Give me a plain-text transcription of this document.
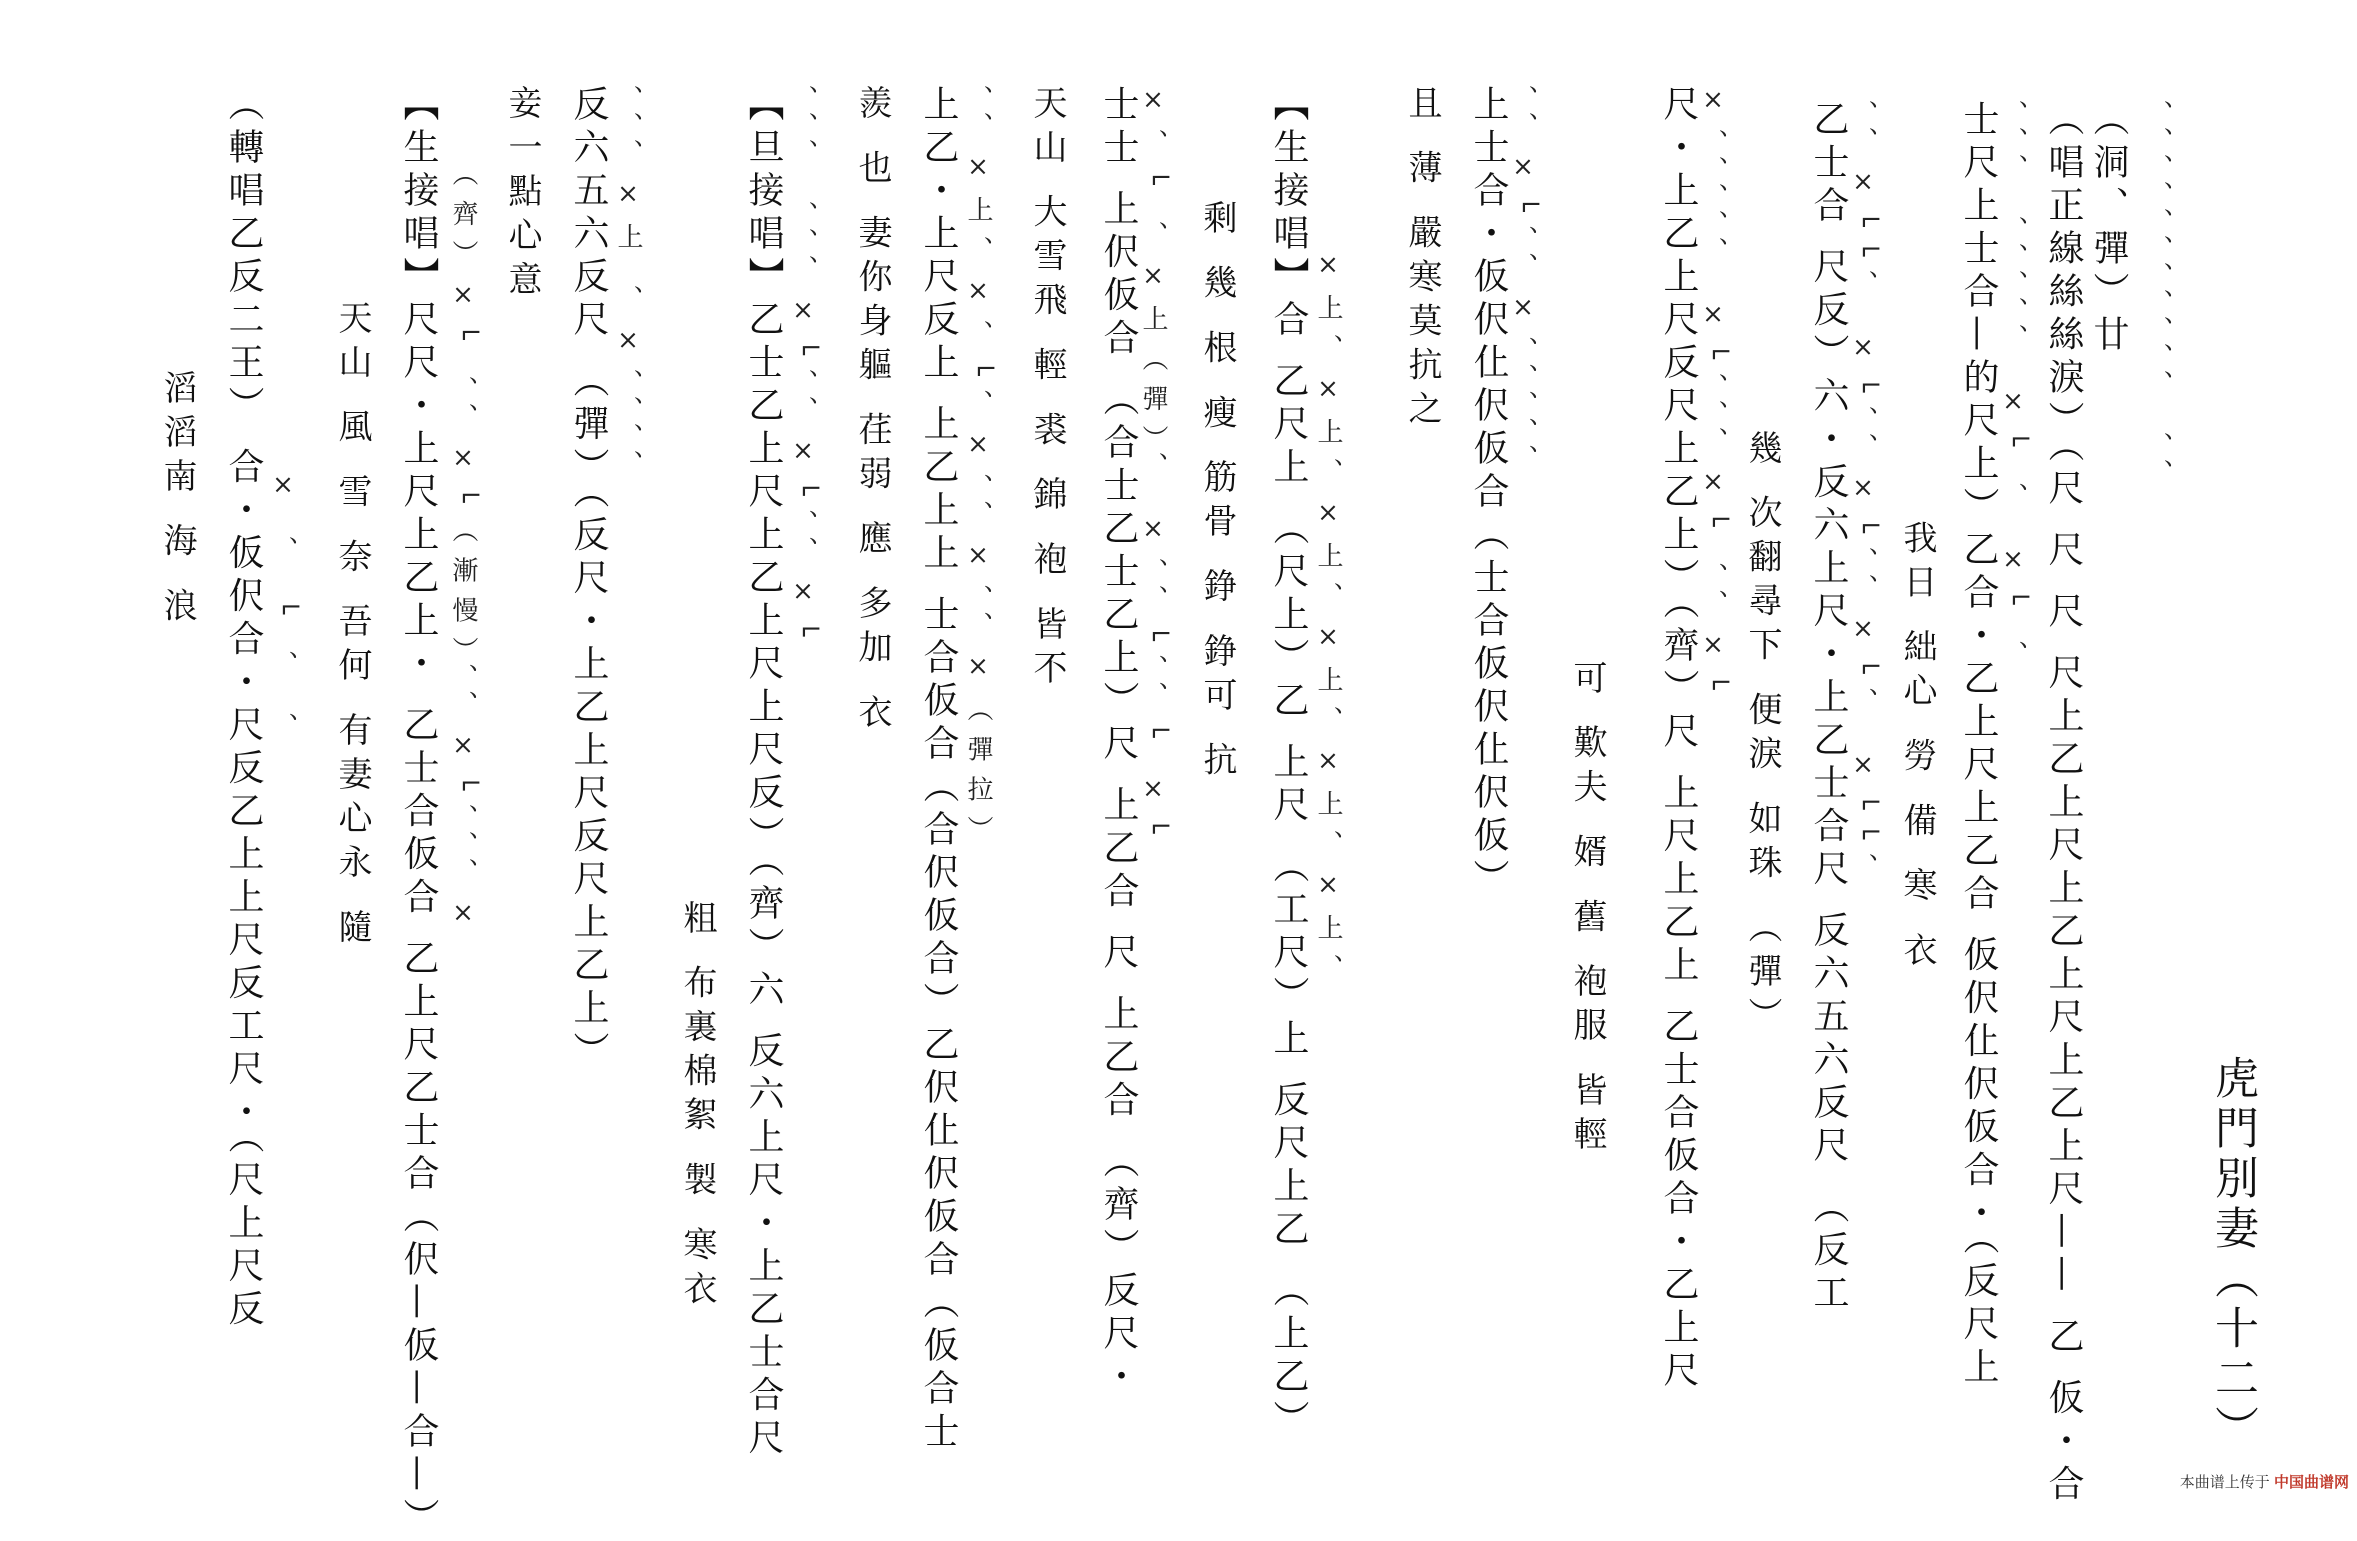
虎門別妻（十二）
（洞、彈）廿 、、、、、、、、、、、 、、
（唱正線絲絲淚）（尺 尺 尺 尺上乙上尺上乙上尺上乙上尺—— 乙 仮・合
、、、 、、、、、 ×└ 、 ×└ 、
士尺上士合—的尺上）乙合・乙上尺上乙合 仮伬仩伬仮合・（反尺上
我日 絀心 勞 備 寒 衣
、、×└└、 ×└、、×└、、×└、 ×└└、
乙士合 尺反）六・反六上尺・上乙士合尺 反六五六反尺 （反工
幾 次翻尋下 便淚 如珠 （彈）
×、、、、、 ×└、、、×└ 、、×└
尺・上乙上尺反尺上乙上）（齊）尺 上尺上乙上 乙士合仮合・乙上尺
可 歎夫 婿 舊 袍服 皆輕
、、×└、、×、、、、、
上士合・仮伬仩伬仮合（士合仮伬仩伬仮）
且 薄 嚴寒莫抗之
×上、×上、×上、×上、×上、×上、
【生接唱】合 乙尺上 （尺上）乙 上尺 （工尺）上 反尺上乙 （上乙）
剩 幾 根 瘦 筋骨 錚 錚可 抗
×、└ 、×上（彈）、 ×、、└、、└ ×└
士士 上伬仮合 （合士乙士乙上）尺 上乙合 尺 上乙合 （齊）反尺・
天山 大雪飛 輕 裘 錦 袍 皆不
、、×上、×、└、×、、×、、×（彈拉）
上乙・上尺反上 上乙上上 士合仮合（合伬仮合）乙伬仩伬仮合（仮合士
羨 也 妻你身軀 荏弱 應 多加 衣
、、、 、、、×└、、×└、、×└
【旦接唱】乙士乙上尺上乙上尺上尺反）（齊）六 反六上尺・上乙士合尺
粗 布裏棉絮 製 寒衣
、、、×上 、×、、、、
反六五六反尺 （彈）（反尺・上乙上尺反尺上乙上）
妾一點心意
（齊）×└ 、、×└（漸慢）、、×└、、、×
【生接唱】尺尺・上尺上乙上・ 乙士合仮合 乙上尺乙士合（伬—仮—合—）
天山 風 雪 奈 吾何 有妻心永 隨
× 、 └ 、 、
（轉唱乙反二王） 合・仮伬合・尺反乙上上尺反工尺・（尺上尺反
滔滔南 海 浪
本曲谱上传于 中国曲谱网
